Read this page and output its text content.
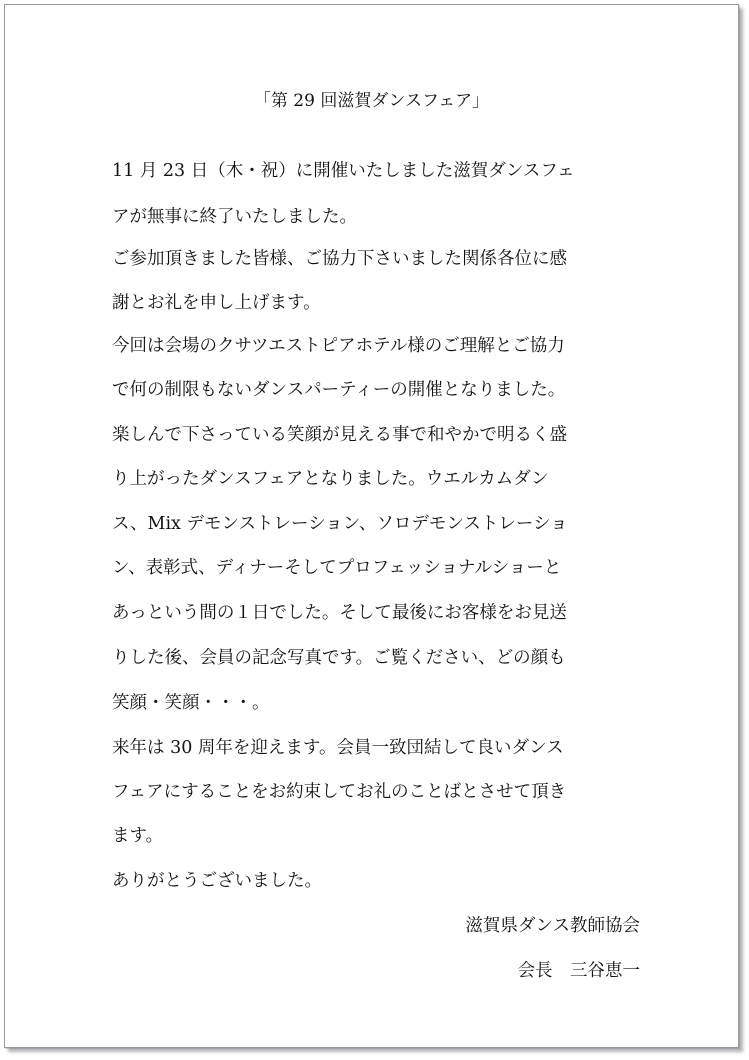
「第 29 回滋賀ダンスフェア」
11 月 23 日（木・祝）に開催いたしました滋賀ダンスフェ
アが無事に終了いたしました。
ご参加頂きました皆様、ご協力下さいました関係各位に感
謝とお礼を申し上げます。
今回は会場のクサツエストピアホテル様のご理解とご協力
で何の制限もないダンスパーティーの開催となりました。
楽しんで下さっている笑顔が見える事で和やかで明るく盛
り上がったダンスフェアとなりました。ウエルカムダン
ス、Mix デモンストレーション、ソロデモンストレーショ
ン、表彰式、ディナーそしてプロフェッショナルショーと
あっという間の１日でした。そして最後にお客様をお見送
りした後、会員の記念写真です。ご覧ください、どの顔も
笑顔・笑顔・・・。
来年は 30 周年を迎えます。会員一致団結して良いダンス
フェアにすることをお約束してお礼のことばとさせて頂き
ます。
ありがとうございました。
滋賀県ダンス教師協会
会長　三谷恵一
